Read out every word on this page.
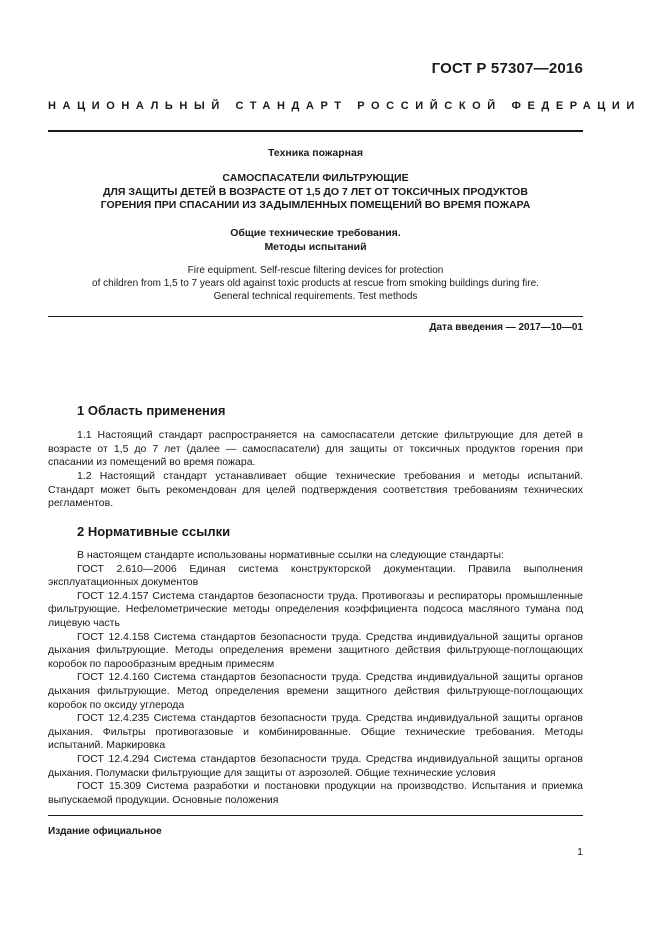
ГОСТ Р 57307—2016
НАЦИОНАЛЬНЫЙ СТАНДАРТ РОССИЙСКОЙ ФЕДЕРАЦИИ
Техника пожарная
САМОСПАСАТЕЛИ ФИЛЬТРУЮЩИЕ
ДЛЯ ЗАЩИТЫ ДЕТЕЙ В ВОЗРАСТЕ ОТ 1,5 ДО 7 ЛЕТ ОТ ТОКСИЧНЫХ ПРОДУКТОВ
ГОРЕНИЯ ПРИ СПАСАНИИ ИЗ ЗАДЫМЛЕННЫХ ПОМЕЩЕНИЙ ВО ВРЕМЯ ПОЖАРА
Общие технические требования.
Методы испытаний
Fire equipment. Self-rescue filtering devices for protection
of children from 1,5 to 7 years old against toxic products at rescue from smoking buildings during fire.
General technical requirements. Test methods
Дата введения — 2017—10—01
1 Область применения

1.1 Настоящий стандарт распространяется на самоспасатели детские фильтрующие для детей в возрасте от 1,5 до 7 лет (далее — самоспасатели) для защиты от токсичных продуктов горения при спасании из помещений во время пожара.

1.2 Настоящий стандарт устанавливает общие технические требования и методы испытаний. Стандарт может быть рекомендован для целей подтверждения соответствия требованиям технических регламентов.

2 Нормативные ссылки
В настоящем стандарте использованы нормативные ссылки на следующие стандарты:
ГОСТ 2.610—2006 Единая система конструкторской документации. Правила выполнения эксплуатационных документов
ГОСТ 12.4.157 Система стандартов безопасности труда. Противогазы и респираторы промышленные фильтрующие. Нефелометрические методы определения коэффициента подсоса масляного тумана под лицевую часть
ГОСТ 12.4.158 Система стандартов безопасности труда. Средства индивидуальной защиты органов дыхания фильтрующие. Методы определения времени защитного действия фильтрующе-поглощающих коробок по парообразным вредным примесям
ГОСТ 12.4.160 Система стандартов безопасности труда. Средства индивидуальной защиты органов дыхания фильтрующие. Метод определения времени защитного действия фильтрующе-поглощающих коробок по оксиду углерода
ГОСТ 12.4.235 Система стандартов безопасности труда. Средства индивидуальной защиты органов дыхания. Фильтры противогазовые и комбинированные. Общие технические требования. Методы испытаний. Маркировка
ГОСТ 12.4.294 Система стандартов безопасности труда. Средства индивидуальной защиты органов дыхания. Полумаски фильтрующие для защиты от аэрозолей. Общие технические условия
ГОСТ 15.309 Система разработки и постановки продукции на производство. Испытания и приемка выпускаемой продукции. Основные положения
Издание официальное
1
